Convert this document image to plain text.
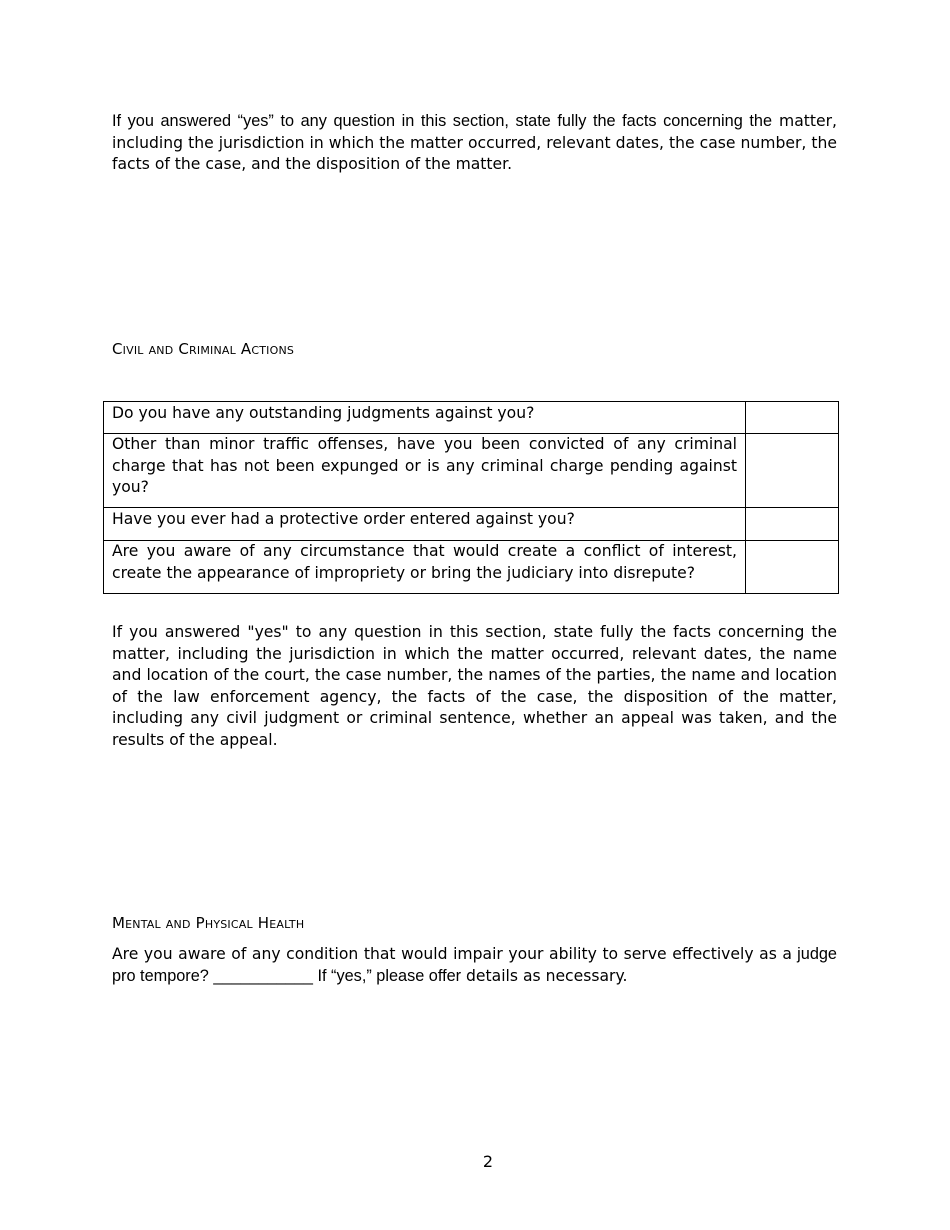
If you answered “yes” to any question in this section, state fully the facts concerning the matter, including the jurisdiction in which the matter occurred, relevant dates, the case number, the facts of the case, and the disposition of the matter.

Civil and Criminal Actions
Do you have any outstanding judgments against you?	
Other than minor traffic offenses, have you been convicted of any criminal charge that has not been expunged or is any criminal charge pending against you?	
Have you ever had a protective order entered against you?	
Are you aware of any circumstance that would create a conflict of interest, create the appearance of impropriety or bring the judiciary into disrepute?	

If you answered "yes" to any question in this section, state fully the facts concerning the matter, including the jurisdiction in which the matter occurred, relevant dates, the name and location of the court, the case number, the names of the parties, the name and location of the law enforcement agency, the facts of the case, the disposition of the matter, including any civil judgment or criminal sentence, whether an appeal was taken, and the results of the appeal.

Mental and Physical Health

Are you aware of any condition that would impair your ability to serve effectively as a judge pro tempore? ___________ If “yes,” please offer details as necessary.

2
